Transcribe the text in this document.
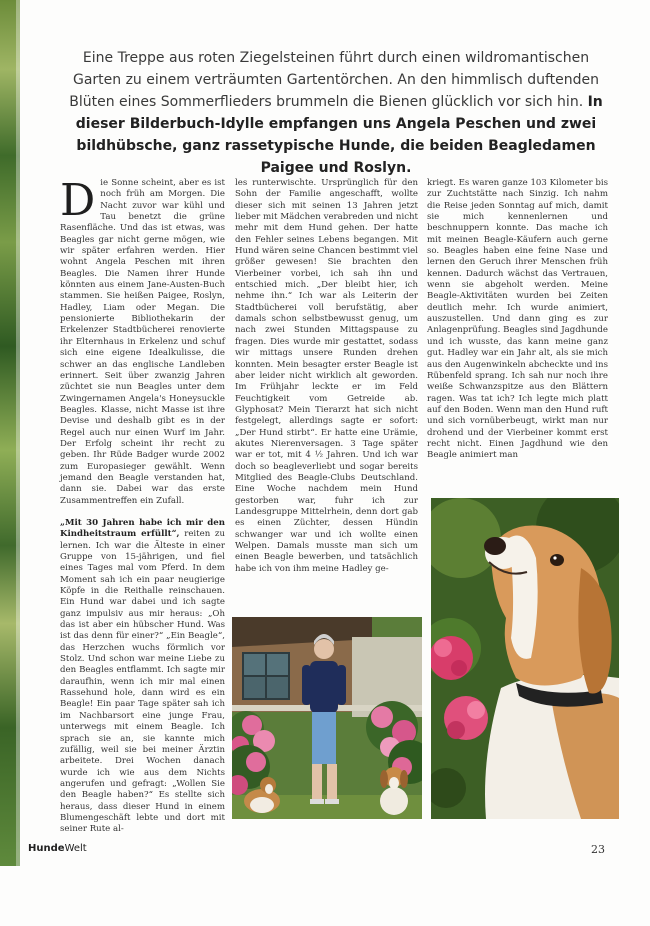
Eine Treppe aus roten Ziegelsteinen führt durch einen wildromantischen Garten zu einem verträumten Gartentörchen. An den himmlisch duftenden Blüten eines Sommerflieders brummeln die Bienen glücklich vor sich hin. In dieser Bilderbuch-Idylle empfangen uns Angela Peschen und zwei bildhübsche, ganz rassetypische Hunde, die beiden Beagledamen Paigee und Roslyn.

Die Sonne scheint, aber es ist noch früh am Morgen. Die Nacht zuvor war kühl und Tau benetzt die grüne Rasenfläche. Und das ist etwas, was Beagles gar nicht gerne mögen, wie wir später erfahren werden. Hier wohnt Angela Peschen mit ihren Beagles. Die Namen ihrer Hunde könnten aus einem Jane-Austen-Buch stammen. Sie heißen Paigee, Roslyn, Hadley, Liam oder Megan. Die pensionierte Bibliothekarin der Erkelenzer Stadtbücherei renovierte ihr Elternhaus in Erkelenz und schuf sich eine eigene Idealkulisse, die schwer an das englische Landleben erinnert. Seit über zwanzig Jahren züchtet sie nun Beagles unter dem Zwingernamen Angela's Honeysuckle Beagles. Klasse, nicht Masse ist ihre Devise und deshalb gibt es in der Regel auch nur einen Wurf im Jahr. Der Erfolg scheint ihr recht zu geben. Ihr Rüde Badger wurde 2002 zum Europasieger gewählt. Wenn jemand den Beagle verstanden hat, dann sie. Dabei war das erste Zusammentreffen ein Zufall.

„Mit 30 Jahren habe ich mir den Kindheitstraum erfüllt“, reiten zu lernen. Ich war die Älteste in einer Gruppe von 15-jährigen, und fiel eines Tages mal vom Pferd. In dem Moment sah ich ein paar neugierige Köpfe in die Reithalle reinschauen. Ein Hund war dabei und ich sagte ganz impulsiv aus mir heraus: „Oh das ist aber ein hübscher Hund. Was ist das denn für einer?“ „Ein Beagle“, das Herzchen wuchs förmlich vor Stolz. Und schon war meine Liebe zu den Beagles entflammt. Ich sagte mir daraufhin, wenn ich mir mal einen Rassehund hole, dann wird es ein Beagle! Ein paar Tage später sah ich im Nachbarsort eine junge Frau, unterwegs mit einem Beagle. Ich sprach sie an, sie kannte mich zufällig, weil sie bei meiner Ärztin arbeitete. Drei Wochen danach wurde ich wie aus dem Nichts angerufen und gefragt: „Wollen Sie den Beagle haben?“ Es stellte sich heraus, dass dieser Hund in einem Blumengeschäft lebte und dort mit seiner Rute al-

les runterwischte. Ursprünglich für den Sohn der Familie angeschafft, wollte dieser sich mit seinen 13 Jahren jetzt lieber mit Mädchen verabreden und nicht mehr mit dem Hund gehen. Der hatte den Fehler seines Lebens begangen. Mit Hund wären seine Chancen bestimmt viel größer gewesen! Sie brachten den Vierbeiner vorbei, ich sah ihn und entschied mich. „Der bleibt hier, ich nehme ihn.“ Ich war als Leiterin der Stadtbücherei voll berufstätig, aber damals schon selbstbewusst genug, um nach zwei Stunden Mittagspause zu fragen. Dies wurde mir gestattet, sodass wir mittags unsere Runden drehen konnten. Mein besagter erster Beagle ist aber leider nicht wirklich alt geworden. Im Frühjahr leckte er im Feld Feuchtigkeit vom Getreide ab. Glyphosat? Mein Tierarzt hat sich nicht festgelegt, allerdings sagte er sofort: „Der Hund stirbt“. Er hatte eine Urämie, akutes Nierenversagen. 3 Tage später war er tot, mit 4 ½ Jahren. Und ich war doch so beagleverliebt und sogar bereits Mitglied des Beagle-Clubs Deutschland. Eine Woche nachdem mein Hund gestorben war, fuhr ich zur Landesgruppe Mittelrhein, denn dort gab es einen Züchter, dessen Hündin schwanger war und ich wollte einen Welpen. Damals musste man sich um einen Beagle bewerben, und tatsächlich habe ich von ihm meine Hadley ge-

kriegt. Es waren ganze 103 Kilometer bis zur Zuchtstätte nach Sinzig. Ich nahm die Reise jeden Sonntag auf mich, damit sie mich kennenlernen und beschnuppern konnte. Das mache ich mit meinen Beagle-Käufern auch gerne so. Beagles haben eine feine Nase und lernen den Geruch ihrer Menschen früh kennen. Dadurch wächst das Vertrauen, wenn sie abgeholt werden. Meine Beagle-Aktivitäten wurden bei Zeiten deutlich mehr. Ich wurde animiert, auszustellen. Und dann ging es zur Anlagenprüfung. Beagles sind Jagdhunde und ich wusste, das kann meine ganz gut. Hadley war ein Jahr alt, als sie mich aus den Augenwinkeln abcheckte und ins Rübenfeld sprang. Ich sah nur noch ihre weiße Schwanzspitze aus den Blättern ragen. Was tat ich? Ich legte mich platt auf den Boden. Wenn man den Hund ruft und sich vornüberbeugt, wirkt man nur drohend und der Vierbeiner kommt erst recht nicht. Einen Jagdhund wie den Beagle animiert man

HundeWelt	23
